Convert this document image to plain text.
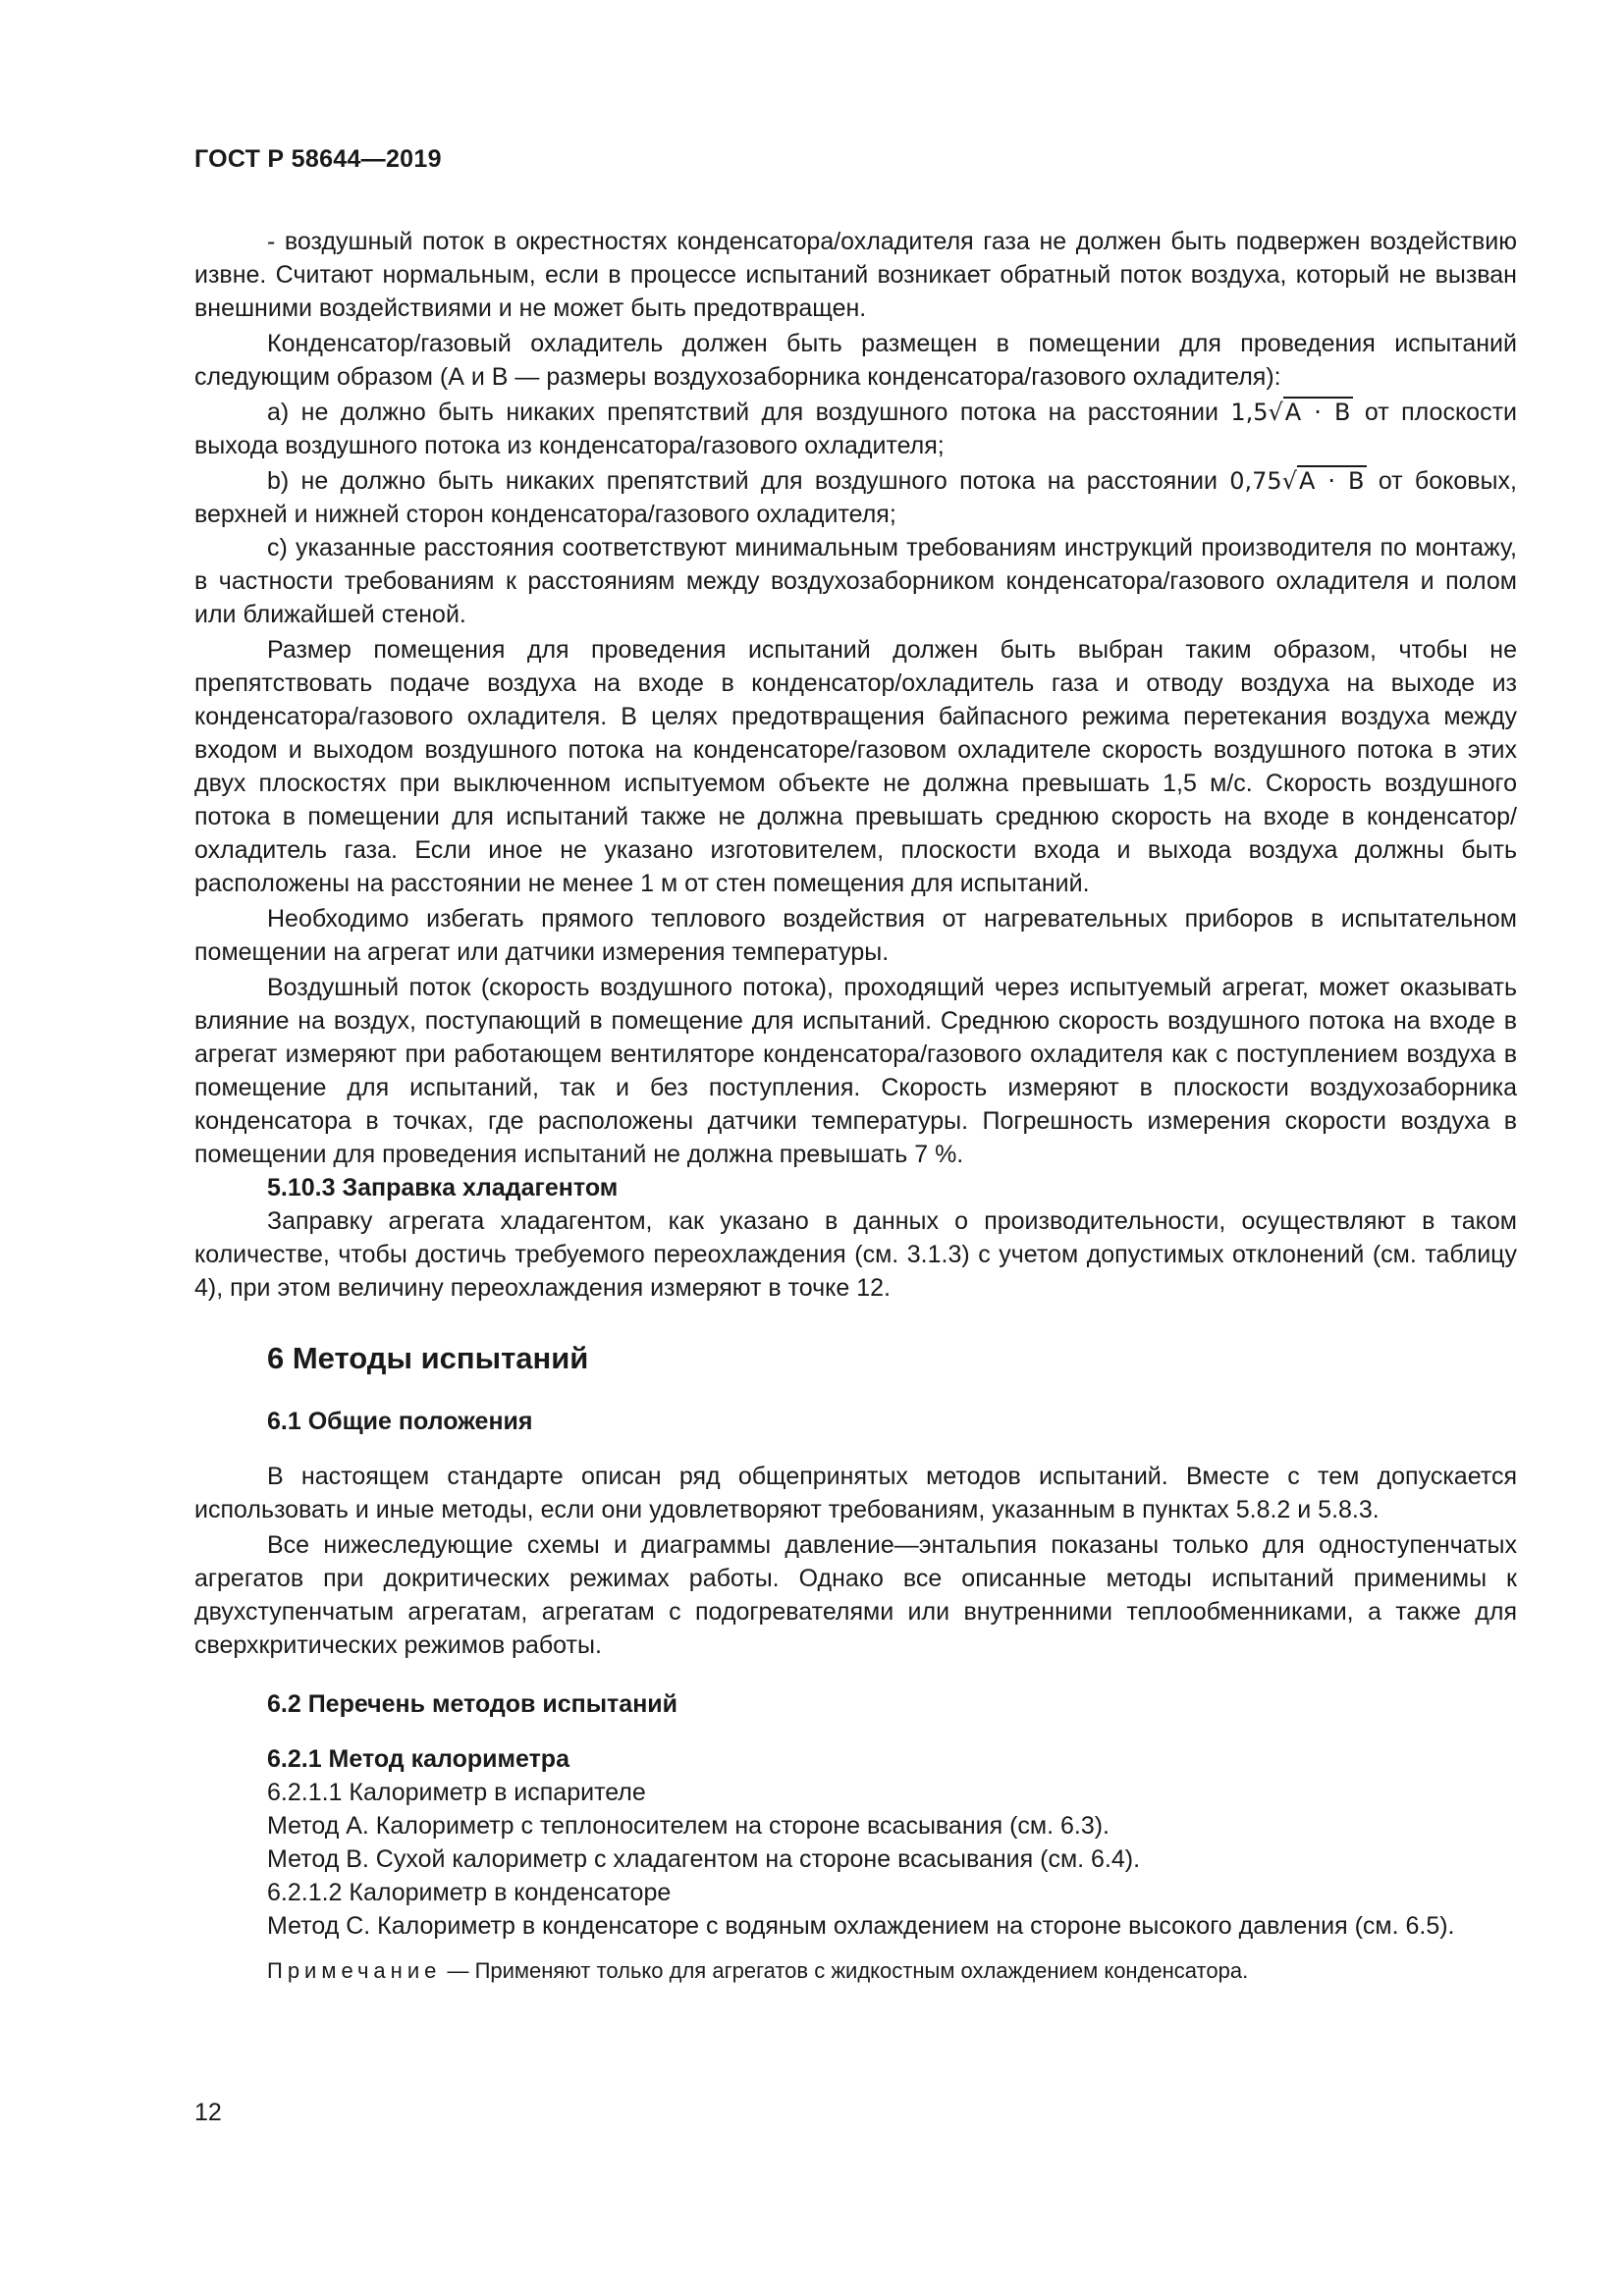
ГОСТ Р 58644—2019

- воздушный поток в окрестностях конденсатора/охладителя газа не должен быть подвержен воздействию извне. Считают нормальным, если в процессе испытаний возникает обратный поток воздуха, который не вызван внешними воздействиями и не может быть предотвращен.

Конденсатор/газовый охладитель должен быть размещен в помещении для проведения испытаний следующим образом (А и В — размеры воздухозаборника конденсатора/газового охладителя):

а) не должно быть никаких препятствий для воздушного потока на расстоянии 1,5√А · В от плоскости выхода воздушного потока из конденсатора/газового охладителя;

b) не должно быть никаких препятствий для воздушного потока на расстоянии 0,75√А · В от боковых, верхней и нижней сторон конденсатора/газового охладителя;

с) указанные расстояния соответствуют минимальным требованиям инструкций производителя по монтажу, в частности требованиям к расстояниям между воздухозаборником конденсатора/газового охладителя и полом или ближайшей стеной.

Размер помещения для проведения испытаний должен быть выбран таким образом, чтобы не препятствовать подаче воздуха на входе в конденсатор/охладитель газа и отводу воздуха на выходе из конденсатора/газового охладителя. В целях предотвращения байпасного режима перетекания воздуха между входом и выходом воздушного потока на конденсаторе/газовом охладителе скорость воздушного потока в этих двух плоскостях при выключенном испытуемом объекте не должна превышать 1,5 м/с. Скорость воздушного потока в помещении для испытаний также не должна превышать среднюю скорость на входе в конденсатор/охладитель газа. Если иное не указано изготовителем, плоскости входа и выхода воздуха должны быть расположены на расстоянии не менее 1 м от стен помещения для испытаний.

Необходимо избегать прямого теплового воздействия от нагревательных приборов в испытательном помещении на агрегат или датчики измерения температуры.

Воздушный поток (скорость воздушного потока), проходящий через испытуемый агрегат, может оказывать влияние на воздух, поступающий в помещение для испытаний. Среднюю скорость воздушного потока на входе в агрегат измеряют при работающем вентиляторе конденсатора/газового охладителя как с поступлением воздуха в помещение для испытаний, так и без поступления. Скорость измеряют в плоскости воздухозаборника конденсатора в точках, где расположены датчики температуры. Погрешность измерения скорости воздуха в помещении для проведения испытаний не должна превышать 7 %.

5.10.3 Заправка хладагентом

Заправку агрегата хладагентом, как указано в данных о производительности, осуществляют в таком количестве, чтобы достичь требуемого переохлаждения (см. 3.1.3) с учетом допустимых отклонений (см. таблицу 4), при этом величину переохлаждения измеряют в точке 12.

6 Методы испытаний
6.1 Общие положения

В настоящем стандарте описан ряд общепринятых методов испытаний. Вместе с тем допускается использовать и иные методы, если они удовлетворяют требованиям, указанным в пунктах 5.8.2 и 5.8.3.

Все нижеследующие схемы и диаграммы давление—энтальпия показаны только для одноступенчатых агрегатов при докритических режимах работы. Однако все описанные методы испытаний применимы к двухступенчатым агрегатам, агрегатам с подогревателями или внутренними теплообменниками, а также для сверхкритических режимов работы.

6.2 Перечень методов испытаний
6.2.1 Метод калориметра
6.2.1.1 Калориметр в испарителе
Метод А. Калориметр с теплоносителем на стороне всасывания (см. 6.3).
Метод В. Сухой калориметр с хладагентом на стороне всасывания (см. 6.4).
6.2.1.2 Калориметр в конденсаторе

Метод С. Калориметр в конденсаторе с водяным охлаждением на стороне высокого давления (см. 6.5).

Примечание — Применяют только для агрегатов с жидкостным охлаждением конденсатора.
12
